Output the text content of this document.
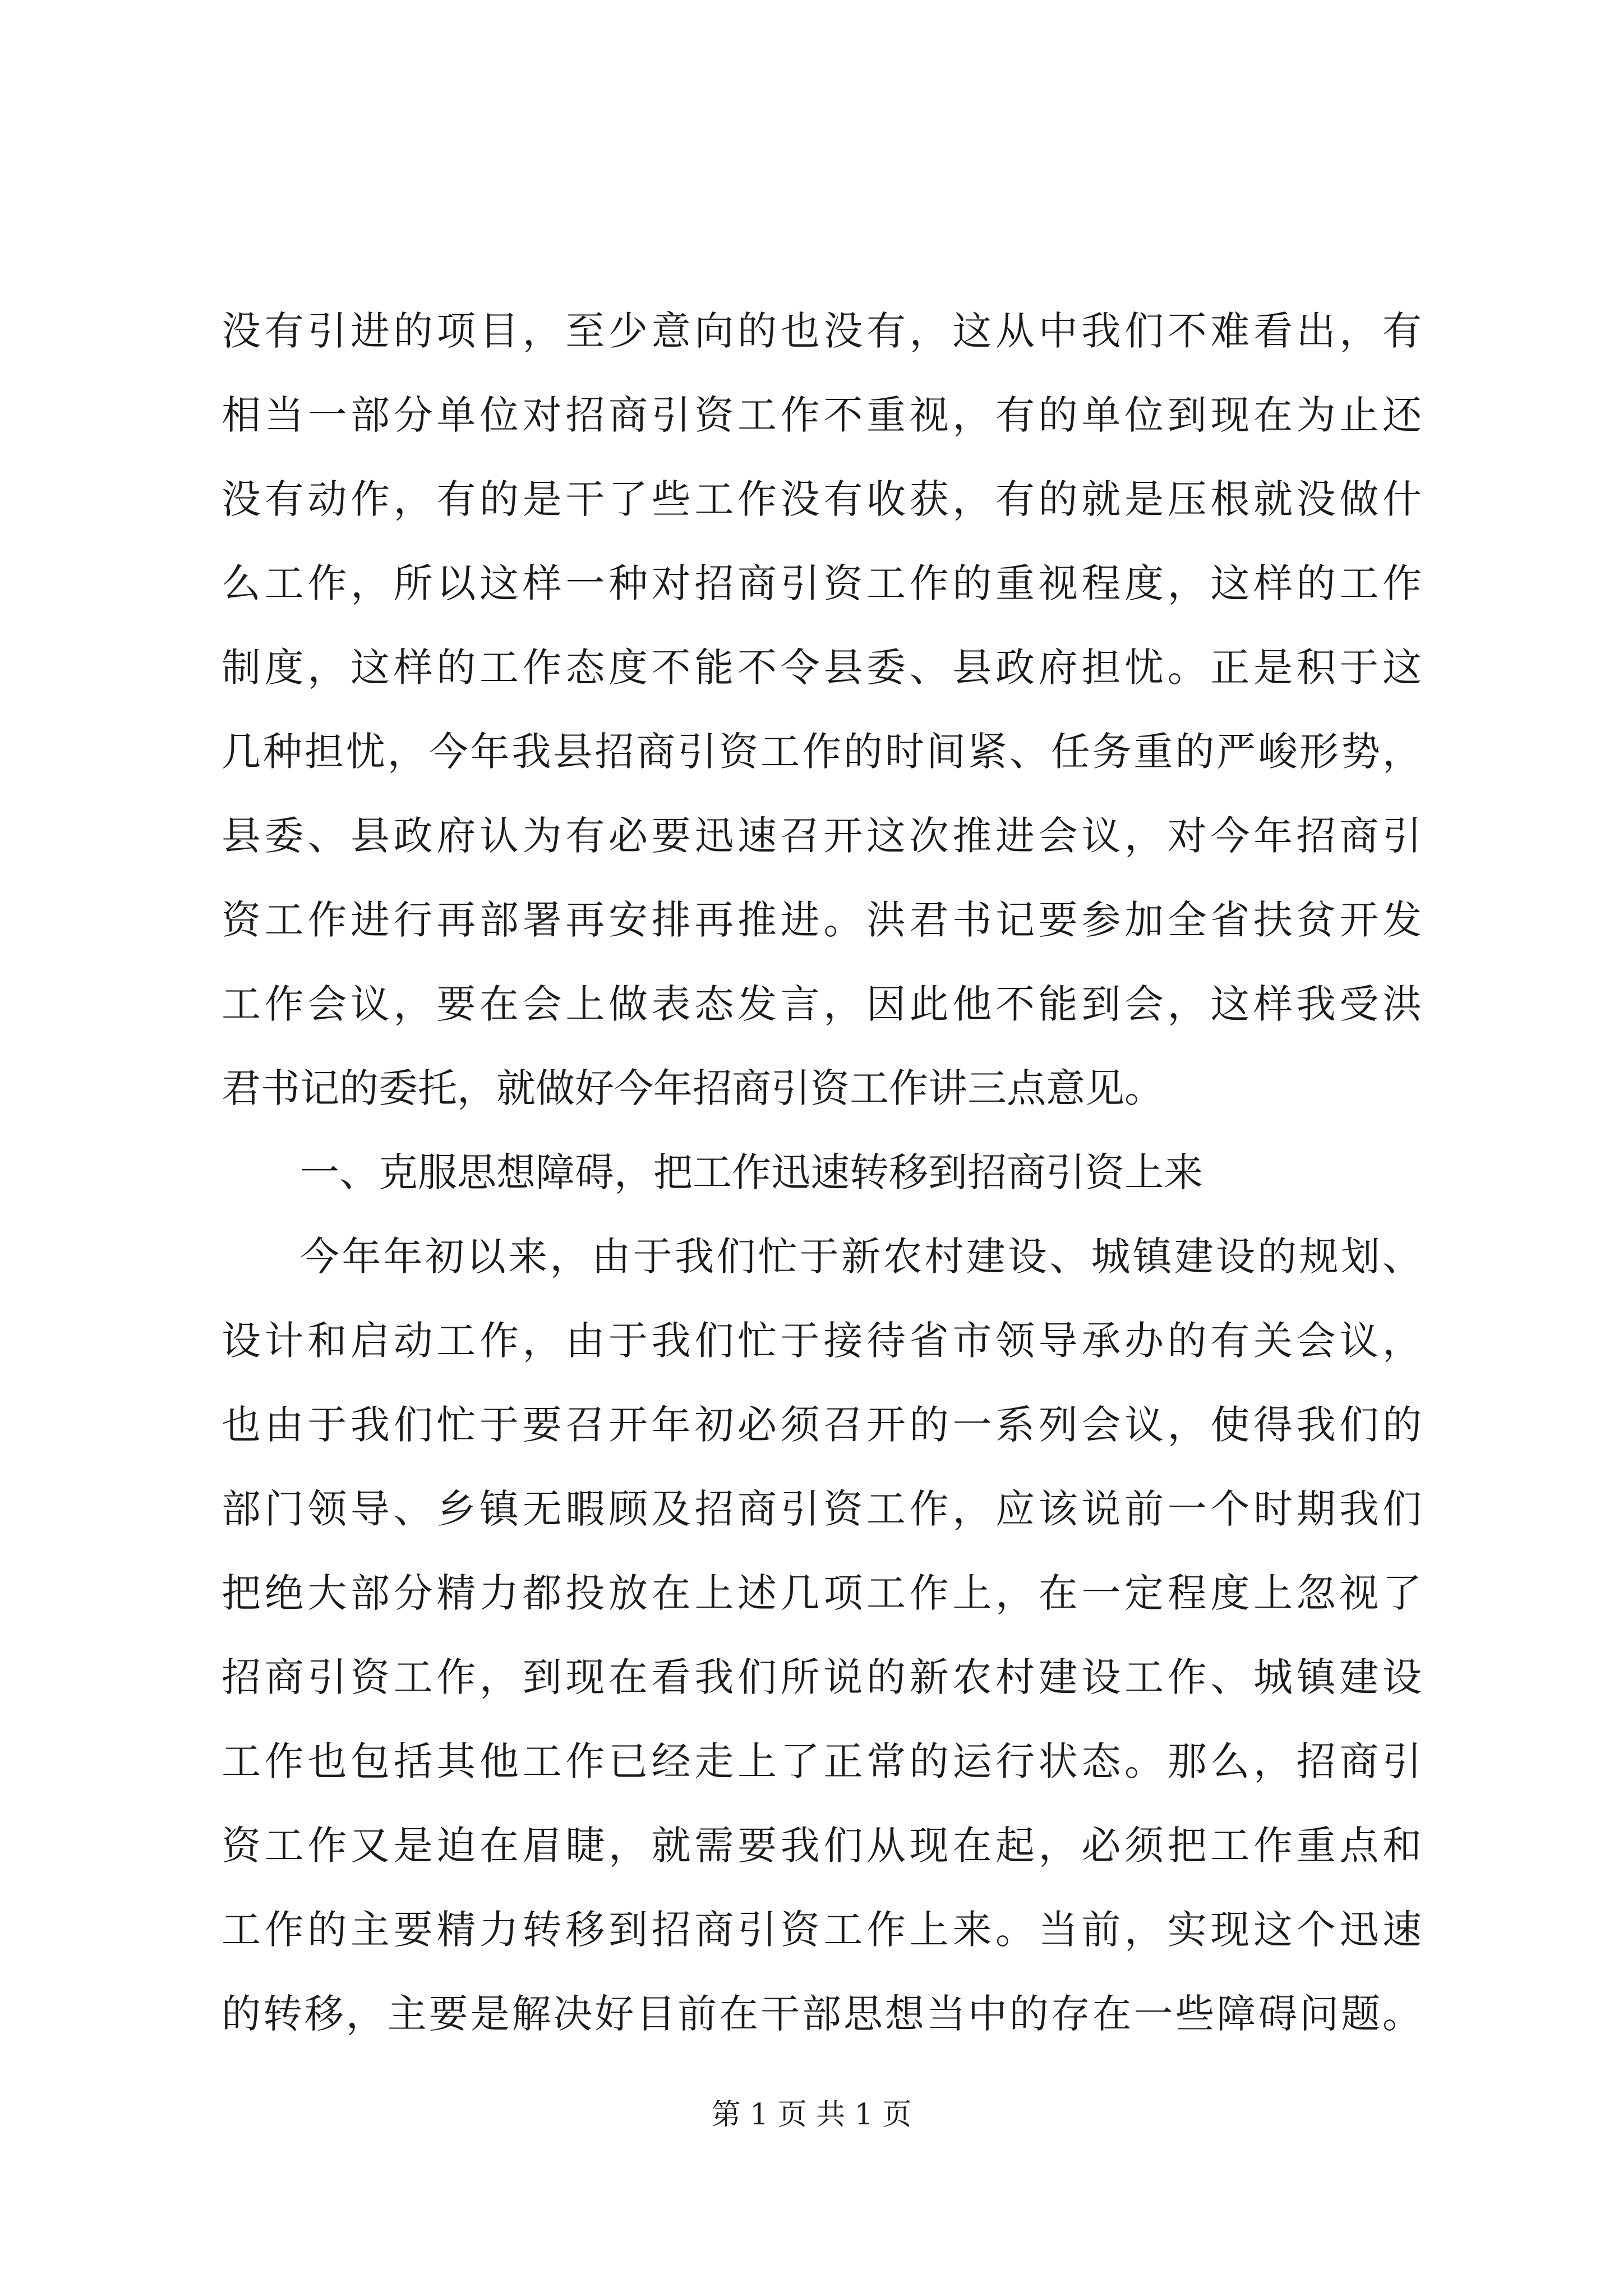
没有引进的项目，至少意向的也没有，这从中我们不难看出，有
相当一部分单位对招商引资工作不重视，有的单位到现在为止还
没有动作，有的是干了些工作没有收获，有的就是压根就没做什
么工作，所以这样一种对招商引资工作的重视程度，这样的工作
制度，这样的工作态度不能不令县委、县政府担忧。正是积于这
几种担忧，今年我县招商引资工作的时间紧、任务重的严峻形势，
县委、县政府认为有必要迅速召开这次推进会议，对今年招商引
资工作进行再部署再安排再推进。洪君书记要参加全省扶贫开发
工作会议，要在会上做表态发言，因此他不能到会，这样我受洪
君书记的委托，就做好今年招商引资工作讲三点意见。
一、克服思想障碍，把工作迅速转移到招商引资上来
今年年初以来，由于我们忙于新农村建设、城镇建设的规划、
设计和启动工作，由于我们忙于接待省市领导承办的有关会议，
也由于我们忙于要召开年初必须召开的一系列会议，使得我们的
部门领导、乡镇无暇顾及招商引资工作，应该说前一个时期我们
把绝大部分精力都投放在上述几项工作上，在一定程度上忽视了
招商引资工作，到现在看我们所说的新农村建设工作、城镇建设
工作也包括其他工作已经走上了正常的运行状态。那么，招商引
资工作又是迫在眉睫，就需要我们从现在起，必须把工作重点和
工作的主要精力转移到招商引资工作上来。当前，实现这个迅速
的转移，主要是解决好目前在干部思想当中的存在一些障碍问题。
第 1 页 共 1 页
